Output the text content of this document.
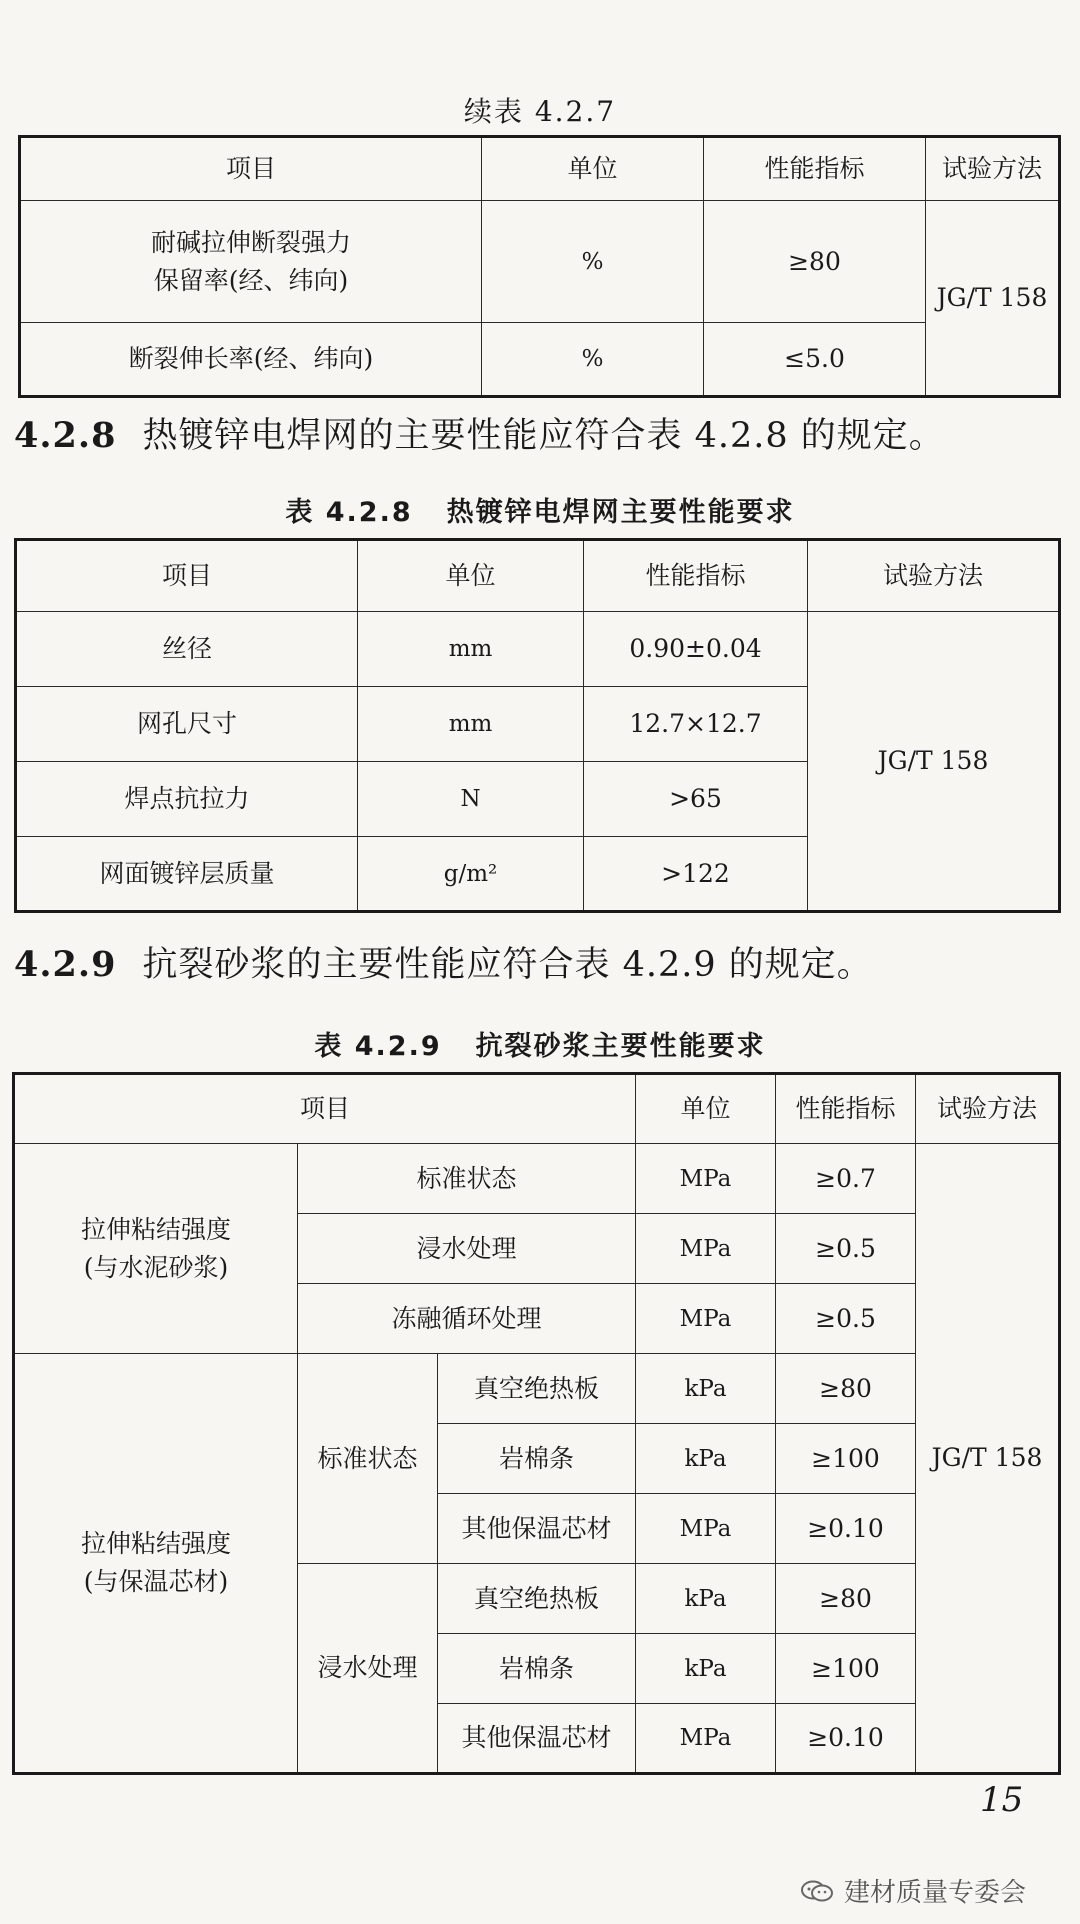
续表 4.2.7
项目	单位	性能指标	试验方法

耐碱拉伸断裂强力
保留率(经、纬向)	%	≥80	JG/T 158
断裂伸长率(经、纬向)	%	≤5.0	
4.2.8 热镀锌电焊网的主要性能应符合表 4.2.8 的规定。
表 4.2.8 热镀锌电焊网主要性能要求
项目	单位	性能指标	试验方法
丝径	mm	0.90±0.04	JG/T 158
网孔尺寸	mm	12.7×12.7	
焊点抗拉力	N	>65	
网面镀锌层质量	g/m²	>122	
4.2.9 抗裂砂浆的主要性能应符合表 4.2.9 的规定。
表 4.2.9 抗裂砂浆主要性能要求
项目			单位	性能指标	试验方法

拉伸粘结强度
(与水泥砂浆)	标准状态		MPa	≥0.7	JG/T 158
	浸水处理		MPa	≥0.5	
	冻融循环处理		MPa	≥0.5	

拉伸粘结强度
(与保温芯材)	标准状态	真空绝热板	kPa	≥80	
		岩棉条	kPa	≥100	
		其他保温芯材	MPa	≥0.10	
	浸水处理	真空绝热板	kPa	≥80	
		岩棉条	kPa	≥100	
		其他保温芯材	MPa	≥0.10	
15
建材质量专委会
